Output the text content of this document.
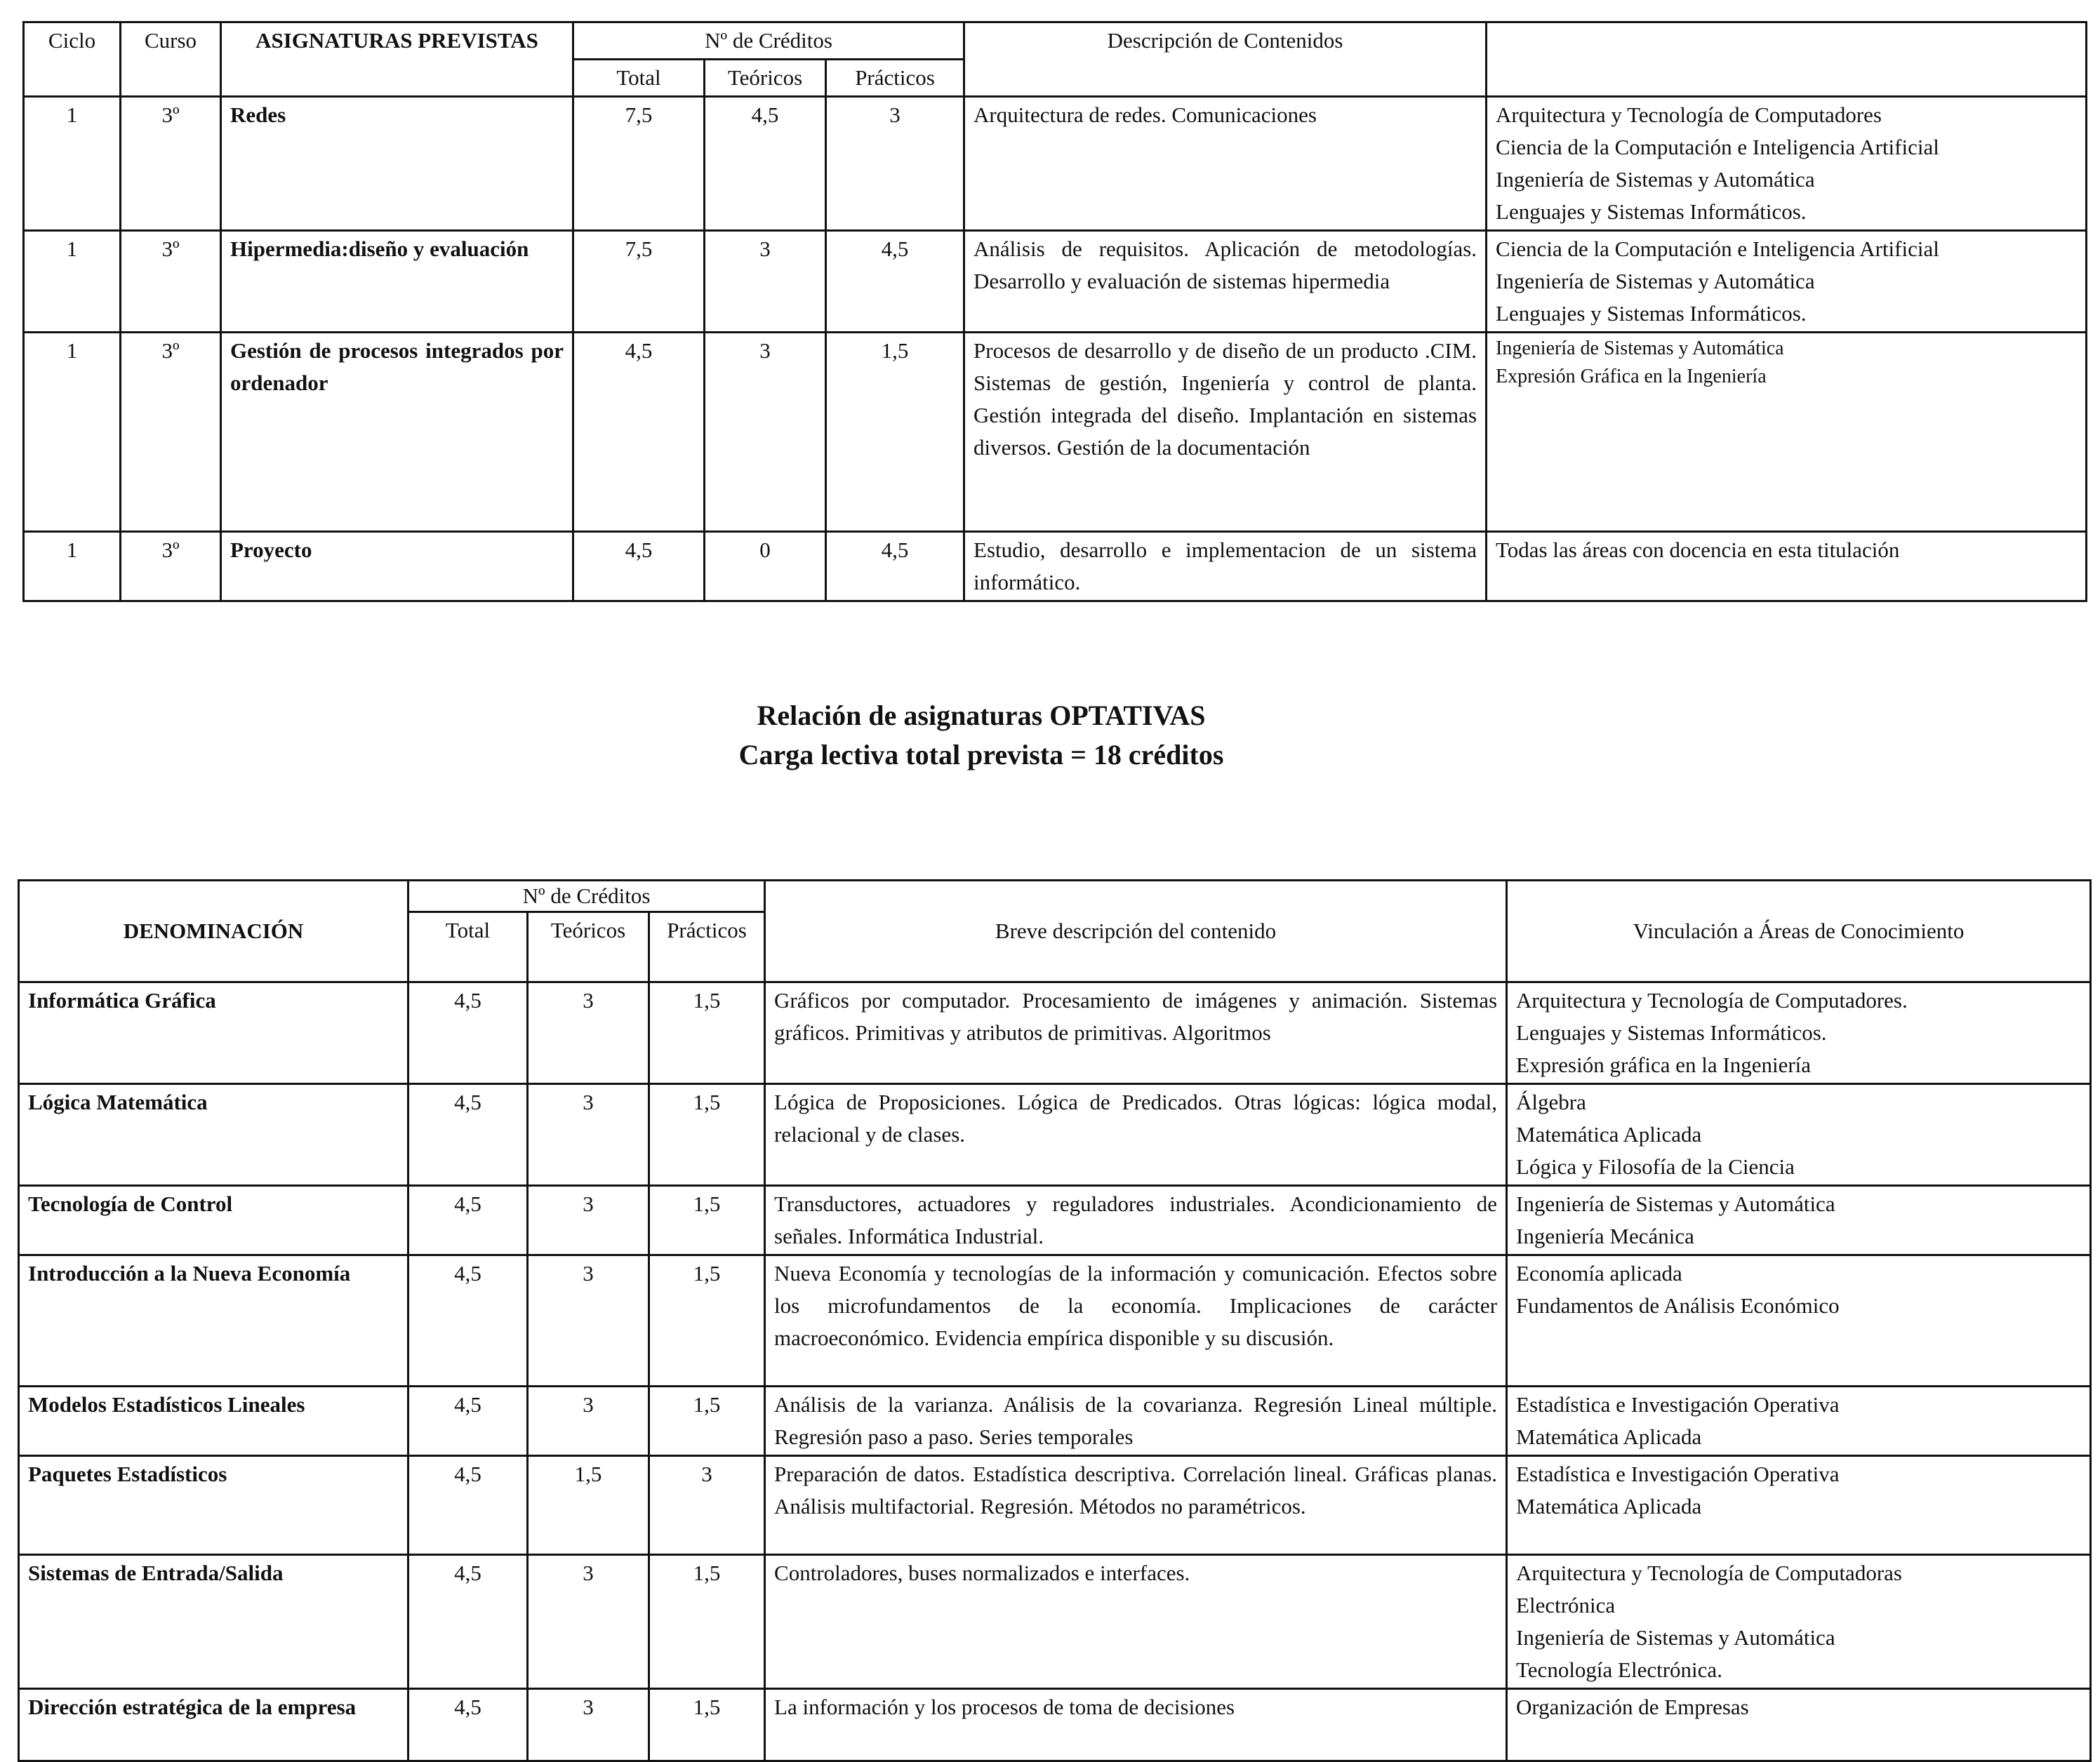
Ciclo	Curso	ASIGNATURAS PREVISTAS	Nº de Créditos			Descripción de Contenidos	
			Total	Teóricos	Prácticos		
1	3º	Redes	7,5	4,5	3	Arquitectura de redes. Comunicaciones	Arquitectura y Tecnología de Computadores
Ciencia de la Computación e Inteligencia Artificial
Ingeniería de Sistemas y Automática
Lenguajes y Sistemas Informáticos.

1	3º	Hipermedia:diseño y evaluación	7,5	3	4,5	Análisis de requisitos. Aplicación de metodologías. Desarrollo y evaluación de sistemas hipermedia	Ciencia de la Computación e Inteligencia Artificial
Ingeniería de Sistemas y Automática
Lenguajes y Sistemas Informáticos.

1	3º	Gestión de procesos integrados por ordenador	4,5	3	1,5	Procesos de desarrollo y de diseño de un producto .CIM. Sistemas de gestión, Ingeniería y control de planta. Gestión integrada del diseño. Implantación en sistemas diversos. Gestión de la documentación	Ingeniería de Sistemas y Automática
Expresión Gráfica en la Ingeniería

1	3º	Proyecto	4,5	0	4,5	Estudio, desarrollo e implementacion de un sistema informático.	Todas las áreas con docencia en esta titulación
Relación de asignaturas OPTATIVAS
Carga lectiva total prevista = 18 créditos
DENOMINACIÓN	Nº de Créditos			Breve descripción del contenido	Vinculación a Áreas de Conocimiento
	Total	Teóricos	Prácticos		
Informática Gráfica	4,5	3	1,5	Gráficos por computador. Procesamiento de imágenes y animación. Sistemas gráficos. Primitivas y atributos de primitivas. Algoritmos	Arquitectura y Tecnología de Computadores.
Lenguajes y Sistemas Informáticos.
Expresión gráfica en la Ingeniería

Lógica Matemática	4,5	3	1,5	Lógica de Proposiciones. Lógica de Predicados. Otras lógicas: lógica modal, relacional y de clases.	Álgebra
Matemática Aplicada
Lógica y Filosofía de la Ciencia

Tecnología de Control	4,5	3	1,5	Transductores, actuadores y reguladores industriales. Acondicionamiento de señales. Informática Industrial.	Ingeniería de Sistemas y Automática
Ingeniería Mecánica

Introducción a la Nueva Economía	4,5	3	1,5	Nueva Economía y tecnologías de la información y comunicación. Efectos sobre los microfundamentos de la economía. Implicaciones de carácter macroeconómico. Evidencia empírica disponible y su discusión.	Economía aplicada
Fundamentos de Análisis Económico

Modelos Estadísticos Lineales	4,5	3	1,5	Análisis de la varianza. Análisis de la covarianza. Regresión Lineal múltiple. Regresión paso a paso. Series temporales	Estadística e Investigación Operativa
Matemática Aplicada

Paquetes Estadísticos	4,5	1,5	3	Preparación de datos. Estadística descriptiva. Correlación lineal. Gráficas planas. Análisis multifactorial. Regresión. Métodos no paramétricos.	Estadística e Investigación Operativa
Matemática Aplicada

Sistemas de Entrada/Salida	4,5	3	1,5	Controladores, buses normalizados e interfaces.	Arquitectura y Tecnología de Computadoras
Electrónica
Ingeniería de Sistemas y Automática
Tecnología Electrónica.

Dirección estratégica de la empresa	4,5	3	1,5	La información y los procesos de toma de decisiones	Organización de Empresas
